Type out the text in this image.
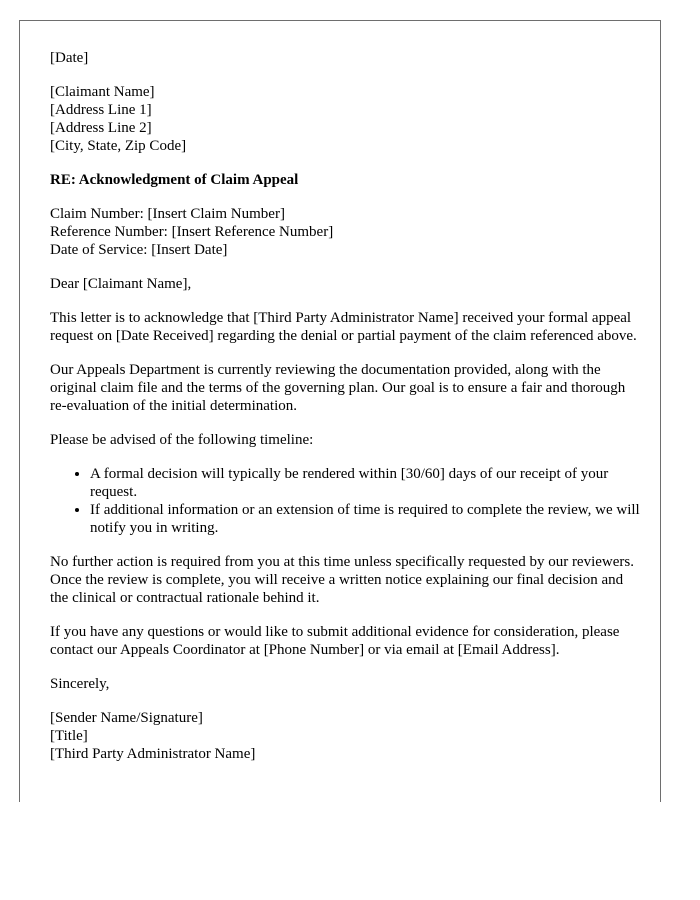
[Date]
[Claimant Name]
[Address Line 1]
[Address Line 2]
[City, State, Zip Code]
RE: Acknowledgment of Claim Appeal
Claim Number: [Insert Claim Number]
Reference Number: [Insert Reference Number]
Date of Service: [Insert Date]

Dear [Claimant Name],

This letter is to acknowledge that [Third Party Administrator Name] received your formal appeal request on [Date Received] regarding the denial or partial payment of the claim referenced above.

Our Appeals Department is currently reviewing the documentation provided, along with the original claim file and the terms of the governing plan. Our goal is to ensure a fair and thorough re-evaluation of the initial determination.

Please be advised of the following timeline:

• A formal decision will typically be rendered within [30/60] days of our receipt of your request.
• If additional information or an extension of time is required to complete the review, we will notify you in writing.

No further action is required from you at this time unless specifically requested by our reviewers. Once the review is complete, you will receive a written notice explaining our final decision and the clinical or contractual rationale behind it.

If you have any questions or would like to submit additional evidence for consideration, please contact our Appeals Coordinator at [Phone Number] or via email at [Email Address].

Sincerely,

[Sender Name/Signature]
[Title]
[Third Party Administrator Name]
